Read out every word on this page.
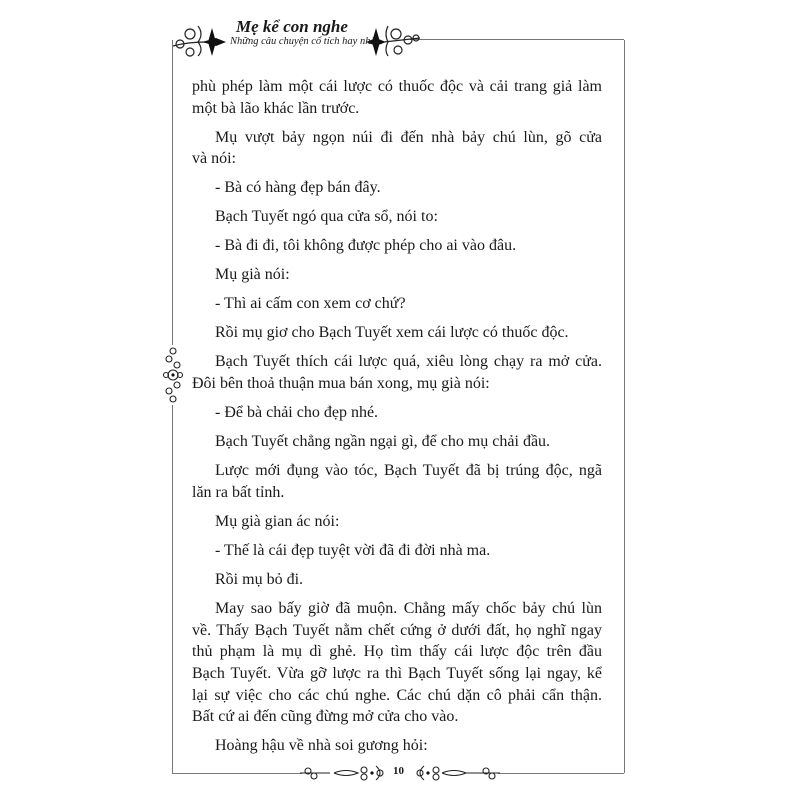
Mẹ kể con nghe
Những câu chuyện cổ tích hay nhất
phù phép làm một cái lược có thuốc độc và cải trang giả làm
một bà lão khác lần trước.
Mụ vượt bảy ngọn núi đi đến nhà bảy chú lùn, gõ cửa
và nói:
- Bà có hàng đẹp bán đây.
Bạch Tuyết ngó qua cửa sổ, nói to:
- Bà đi đi, tôi không được phép cho ai vào đâu.
Mụ già nói:
- Thì ai cấm con xem cơ chứ?
Rồi mụ giơ cho Bạch Tuyết xem cái lược có thuốc độc.
Bạch Tuyết thích cái lược quá, xiêu lòng chạy ra mở cửa.
Đôi bên thoả thuận mua bán xong, mụ già nói:
- Để bà chải cho đẹp nhé.
Bạch Tuyết chẳng ngần ngại gì, để cho mụ chải đầu.
Lược mới đụng vào tóc, Bạch Tuyết đã bị trúng độc, ngã
lăn ra bất tỉnh.
Mụ già gian ác nói:
- Thế là cái đẹp tuyệt vời đã đi đời nhà ma.
Rồi mụ bỏ đi.
May sao bấy giờ đã muộn. Chẳng mấy chốc bảy chú lùn
về. Thấy Bạch Tuyết nằm chết cứng ở dưới đất, họ nghĩ ngay
thủ phạm là mụ dì ghẻ. Họ tìm thấy cái lược độc trên đầu
Bạch Tuyết. Vừa gỡ lược ra thì Bạch Tuyết sống lại ngay, kể
lại sự việc cho các chú nghe. Các chú dặn cô phải cẩn thận.
Bất cứ ai đến cũng đừng mở cửa cho vào.
Hoàng hậu về nhà soi gương hỏi:
10
